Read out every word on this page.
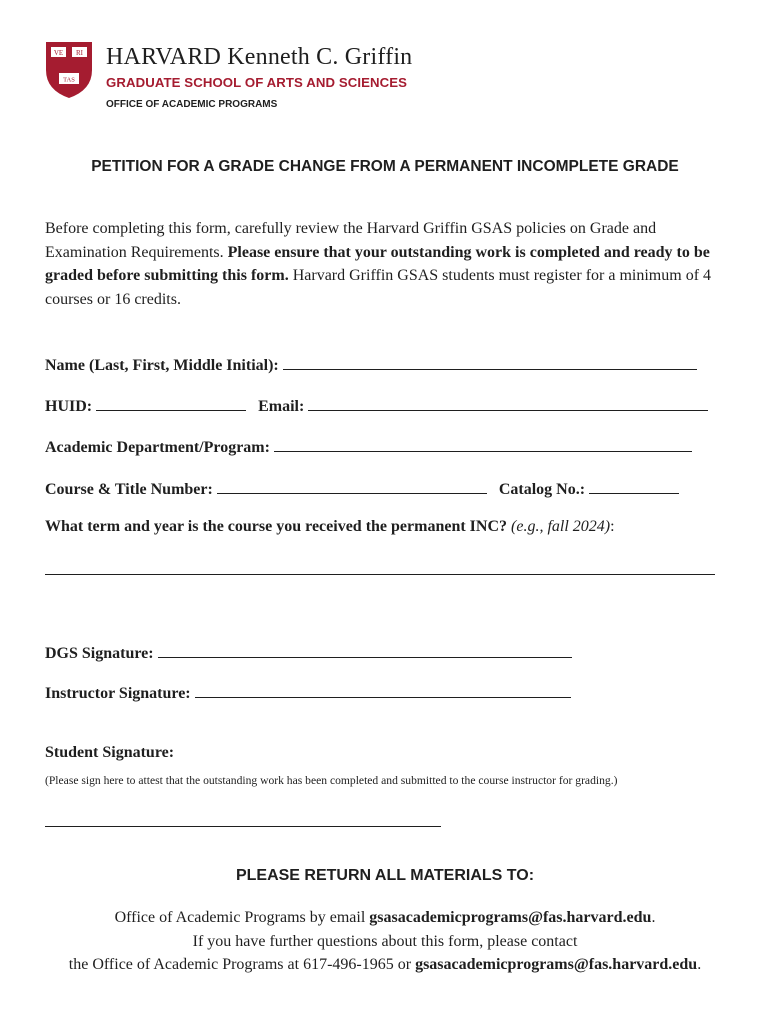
VE RI
TAS
HARVARD Kenneth C. Griffin
GRADUATE SCHOOL OF ARTS AND SCIENCES
OFFICE OF ACADEMIC PROGRAMS
PETITION FOR A GRADE CHANGE FROM A PERMANENT INCOMPLETE GRADE
Before completing this form, carefully review the Harvard Griffin GSAS policies on Grade and Examination Requirements. Please ensure that your outstanding work is completed and ready to be graded before submitting this form. Harvard Griffin GSAS students must register for a minimum of 4 courses or 16 credits.
Name (Last, First, Middle Initial):
HUID:	Email:
Academic Department/Program:
Course & Title Number:	Catalog No.:
What term and year is the course you received the permanent INC? (e.g., fall 2024):
DGS Signature:
Instructor Signature:
Student Signature:
(Please sign here to attest that the outstanding work has been completed and submitted to the course instructor for grading.)
PLEASE RETURN ALL MATERIALS TO:
Office of Academic Programs by email gsasacademicprograms@fas.harvard.edu.
If you have further questions about this form, please contact
the Office of Academic Programs at 617-496-1965 or gsasacademicprograms@fas.harvard.edu.
